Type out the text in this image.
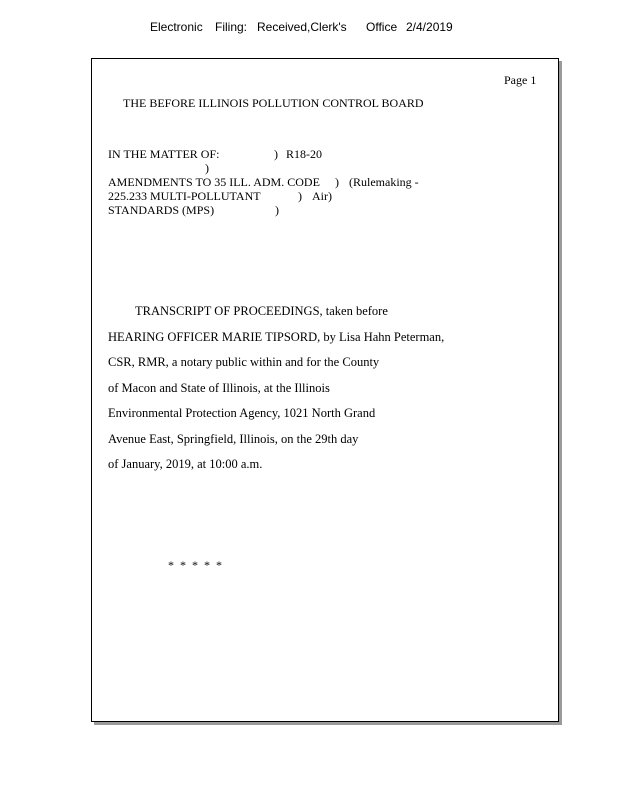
Electronic Filing: Received,Clerk's Office 2/4/2019
Page 1
THE BEFORE ILLINOIS POLLUTION CONTROL BOARD
IN THE MATTER OF:	) R18-20
)
AMENDMENTS TO 35 ILL. ADM. CODE ) (Rulemaking -
225.233 MULTI-POLLUTANT	) Air)
STANDARDS (MPS)	)
TRANSCRIPT OF PROCEEDINGS, taken before
HEARING OFFICER MARIE TIPSORD, by Lisa Hahn Peterman,
CSR, RMR, a notary public within and for the County
of Macon and State of Illinois, at the Illinois
Environmental Protection Agency, 1021 North Grand
Avenue East, Springfield, Illinois, on the 29th day
of January, 2019, at 10:00 a.m.
* * * * *
